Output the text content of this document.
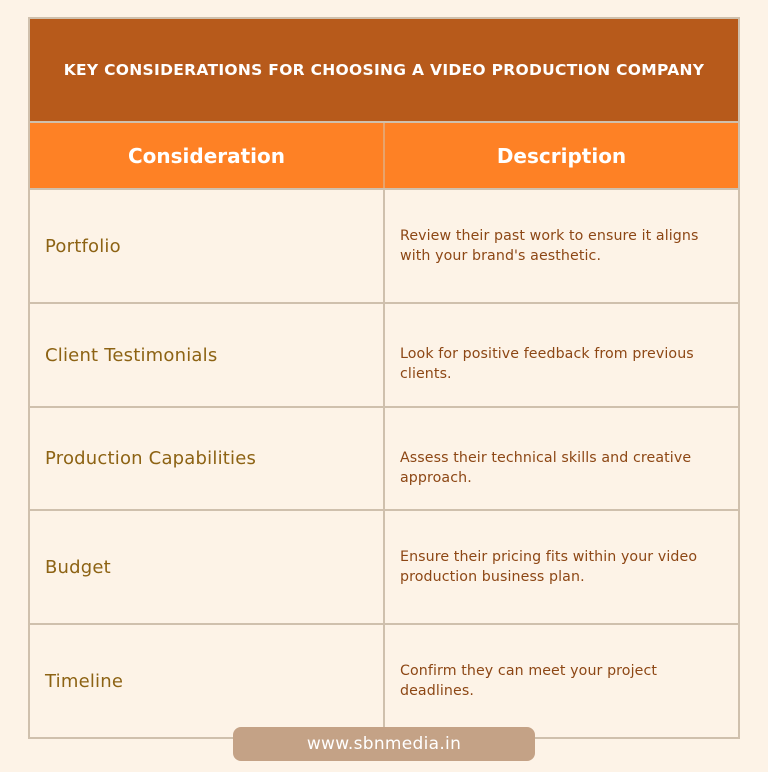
KEY CONSIDERATIONS FOR CHOOSING A VIDEO PRODUCTION COMPANY
Consideration	Description
Portfolio	Review their past work to ensure it aligns with your brand's aesthetic.
Client Testimonials	Look for positive feedback from previous clients.
Production Capabilities	Assess their technical skills and creative approach.
Budget	Ensure their pricing fits within your video production business plan.
Timeline	Confirm they can meet your project deadlines.
www.sbnmedia.in
